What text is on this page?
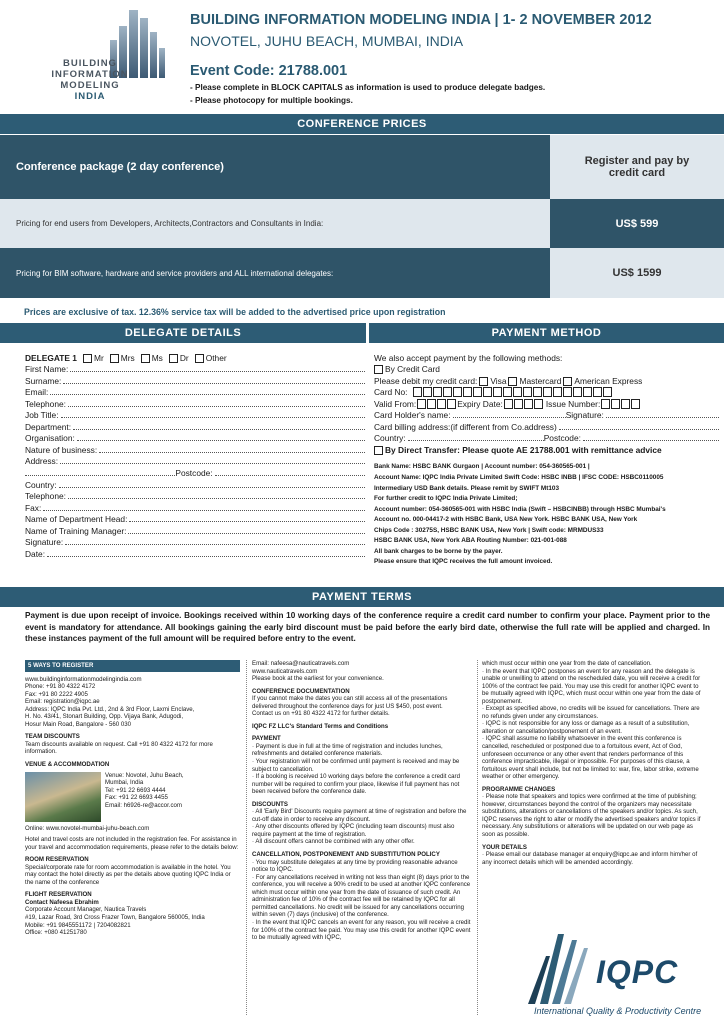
BUILDING
INFORMATION
MODELING
INDIA
BUILDING INFORMATION MODELING INDIA | 1- 2 NOVEMBER 2012
NOVOTEL, JUHU BEACH, MUMBAI, INDIA
Event Code: 21788.001
- Please complete in BLOCK CAPITALS as information is used to produce delegate badges.
- Please photocopy for multiple bookings.
CONFERENCE PRICES
Conference package (2 day conference)	Register and pay by credit card
Pricing for end users from Developers, Architects,Contractors and Consultants in India:	US$ 599
Pricing for BIM software, hardware and service providers and ALL international delegates:	US$ 1599
Prices are exclusive of tax. 12.36% service tax will be added to the advertised price upon registration
DELEGATE DETAILS	PAYMENT METHOD
DELEGATE 1 Mr Mrs Ms Dr Other
First Name:
Surname:
Email:
Telephone:
Job Title:
Department:
Organisation:
Nature of business:
Address:
Postcode:
Country:
Telephone:
Fax:
Name of Department Head:
Name of Training Manager:
Signature:
Date:
We also accept payment by the following methods:
By Credit Card
Please debit my credit card: Visa Mastercard American Express
Card No:
Valid From:	Expiry Date:	Issue Number:
Card Holder's name:	Signature:
Card billing address:(if different from Co.address)
Country:	Postcode:
By Direct Transfer: Please quote AE 21788.001 with remittance advice
Bank Name: HSBC BANK Gurgaon | Account number: 054-360565-001 |
Account Name: IQPC India Private Limited Swift Code: HSBC INBB | IFSC CODE: HSBC0110005
Intermediary USD Bank details. Please remit by SWIFT Mt103
For further credit to IQPC India Private Limited;
Account number: 054-360565-001 with HSBC India (Swift – HSBCINBB) through HSBC Mumbai's
Account no. 000-04417-2 with HSBC Bank, USA New York. HSBC BANK USA, New York
Chips Code : 30275S, HSBC BANK USA, New York | Swift code: MRMDUS33
HSBC BANK USA, New York ABA Routing Number: 021-001-088
All bank charges to be borne by the payer.
Please ensure that IQPC receives the full amount invoiced.
PAYMENT TERMS
Payment is due upon receipt of invoice. Bookings received within 10 working days of the conference require a credit card number to confirm your place. Payment prior to the event is mandatory for attendance. All bookings gaining the early bird discount must be paid before the early bird date, otherwise the full rate will be applied and charged. In these instances payment of the full amount will be required before entry to the event.
5 WAYS TO REGISTER
www.buildinginformationmodelingindia.com
Phone: +91 80 4322 4172
Fax: +91 80 2222 4905
Email: registration@iqpc.ae
Address: IQPC India Pvt. Ltd., 2nd & 3rd Floor, Laxmi Enclave,
H. No. 43/41, Stonart Building, Opp. Vijaya Bank, Adugodi,
Hosur Main Road, Bangalore - 560 030
TEAM DISCOUNTS
Team discounts available on request. Call +91 80 4322 4172 for more information.
VENUE & ACCOMMODATION
Venue: Novotel, Juhu Beach,
Mumbai, India
Tel: +91 22 6693 4444
Fax: +91 22 6693 4455
Email: h6926-re@accor.com
Online: www.novotel-mumbai-juhu-beach.com
Hotel and travel costs are not included in the registration fee. For assistance in your travel and accommodation requirements, please refer to the details below:
ROOM RESERVATION
Special/corporate rate for room accommodation is available in the hotel. You may contact the hotel directly as per the details above quoting IQPC India or the name of the conference
FLIGHT RESERVATION
Contact Nafeesa Ebrahim
Corporate Account Manager, Nautica Travels
#19, Lazar Road, 3rd Cross Frazer Town, Bangalore 560005, India
Mobile: +91 9845551172 | 7204082821
Office: +080 41251780
Email: nafeesa@nauticatravels.com
www.nauticatravels.com
Please book at the earliest for your convenience.
CONFERENCE DOCUMENTATION
If you cannot make the dates you can still access all of the presentations delivered throughout the conference days for just US $450, post event.
Contact us on +91 80 4322 4172 for further details.
IQPC FZ LLC's Standard Terms and Conditions
PAYMENT
· Payment is due in full at the time of registration and includes lunches, refreshments and detailed conference materials.
· Your registration will not be confirmed until payment is received and may be subject to cancellation.
· If a booking is received 10 working days before the conference a credit card number will be required to confirm your place, likewise if full payment has not been received before the conference date.
DISCOUNTS
· All 'Early Bird' Discounts require payment at time of registration and before the cut-off date in order to receive any discount.
· Any other discounts offered by IQPC (including team discounts) must also require payment at the time of registration.
· All discount offers cannot be combined with any other offer.
CANCELLATION, POSTPONEMENT AND SUBSTITUTION POLICY
· You may substitute delegates at any time by providing reasonable advance notice to IQPC.
· For any cancellations received in writing not less than eight (8) days prior to the conference, you will receive a 90% credit to be used at another IQPC conference which must occur within one year from the date of issuance of such credit. An administration fee of 10% of the contract fee will be retained by IQPC for all permitted cancellations. No credit will be issued for any cancellations occurring within seven (7) days (inclusive) of the conference.
· In the event that IQPC cancels an event for any reason, you will receive a credit for 100% of the contract fee paid. You may use this credit for another IQPC event to be mutually agreed with IQPC,
which must occur within one year from the date of cancellation.
· In the event that IQPC postpones an event for any reason and the delegate is unable or unwilling to attend on the rescheduled date, you will receive a credit for 100% of the contract fee paid. You may use this credit for another IQPC event to be mutually agreed with IQPC, which must occur within one year from the date of postponement.
· Except as specified above, no credits will be issued for cancellations. There are no refunds given under any circumstances.
· IQPC is not responsible for any loss or damage as a result of a substitution, alteration or cancellation/postponement of an event.
· IQPC shall assume no liability whatsoever in the event this conference is cancelled, rescheduled or postponed due to a fortuitous event, Act of God, unforeseen occurrence or any other event that renders performance of this conference impracticable, illegal or impossible. For purposes of this clause, a fortuitous event shall include, but not be limited to: war, fire, labor strike, extreme weather or other emergency.
PROGRAMME CHANGES
· Please note that speakers and topics were confirmed at the time of publishing; however, circumstances beyond the control of the organizers may necessitate substitutions, alterations or cancellations of the speakers and/or topics. As such, IQPC reserves the right to alter or modify the advertised speakers and/or topics if necessary. Any substitutions or alterations will be updated on our web page as soon as possible.
YOUR DETAILS
· Please email our database manager at enquiry@iqpc.ae and inform him/her of any incorrect details which will be amended accordingly.
IQPC
International Quality & Productivity Centre
